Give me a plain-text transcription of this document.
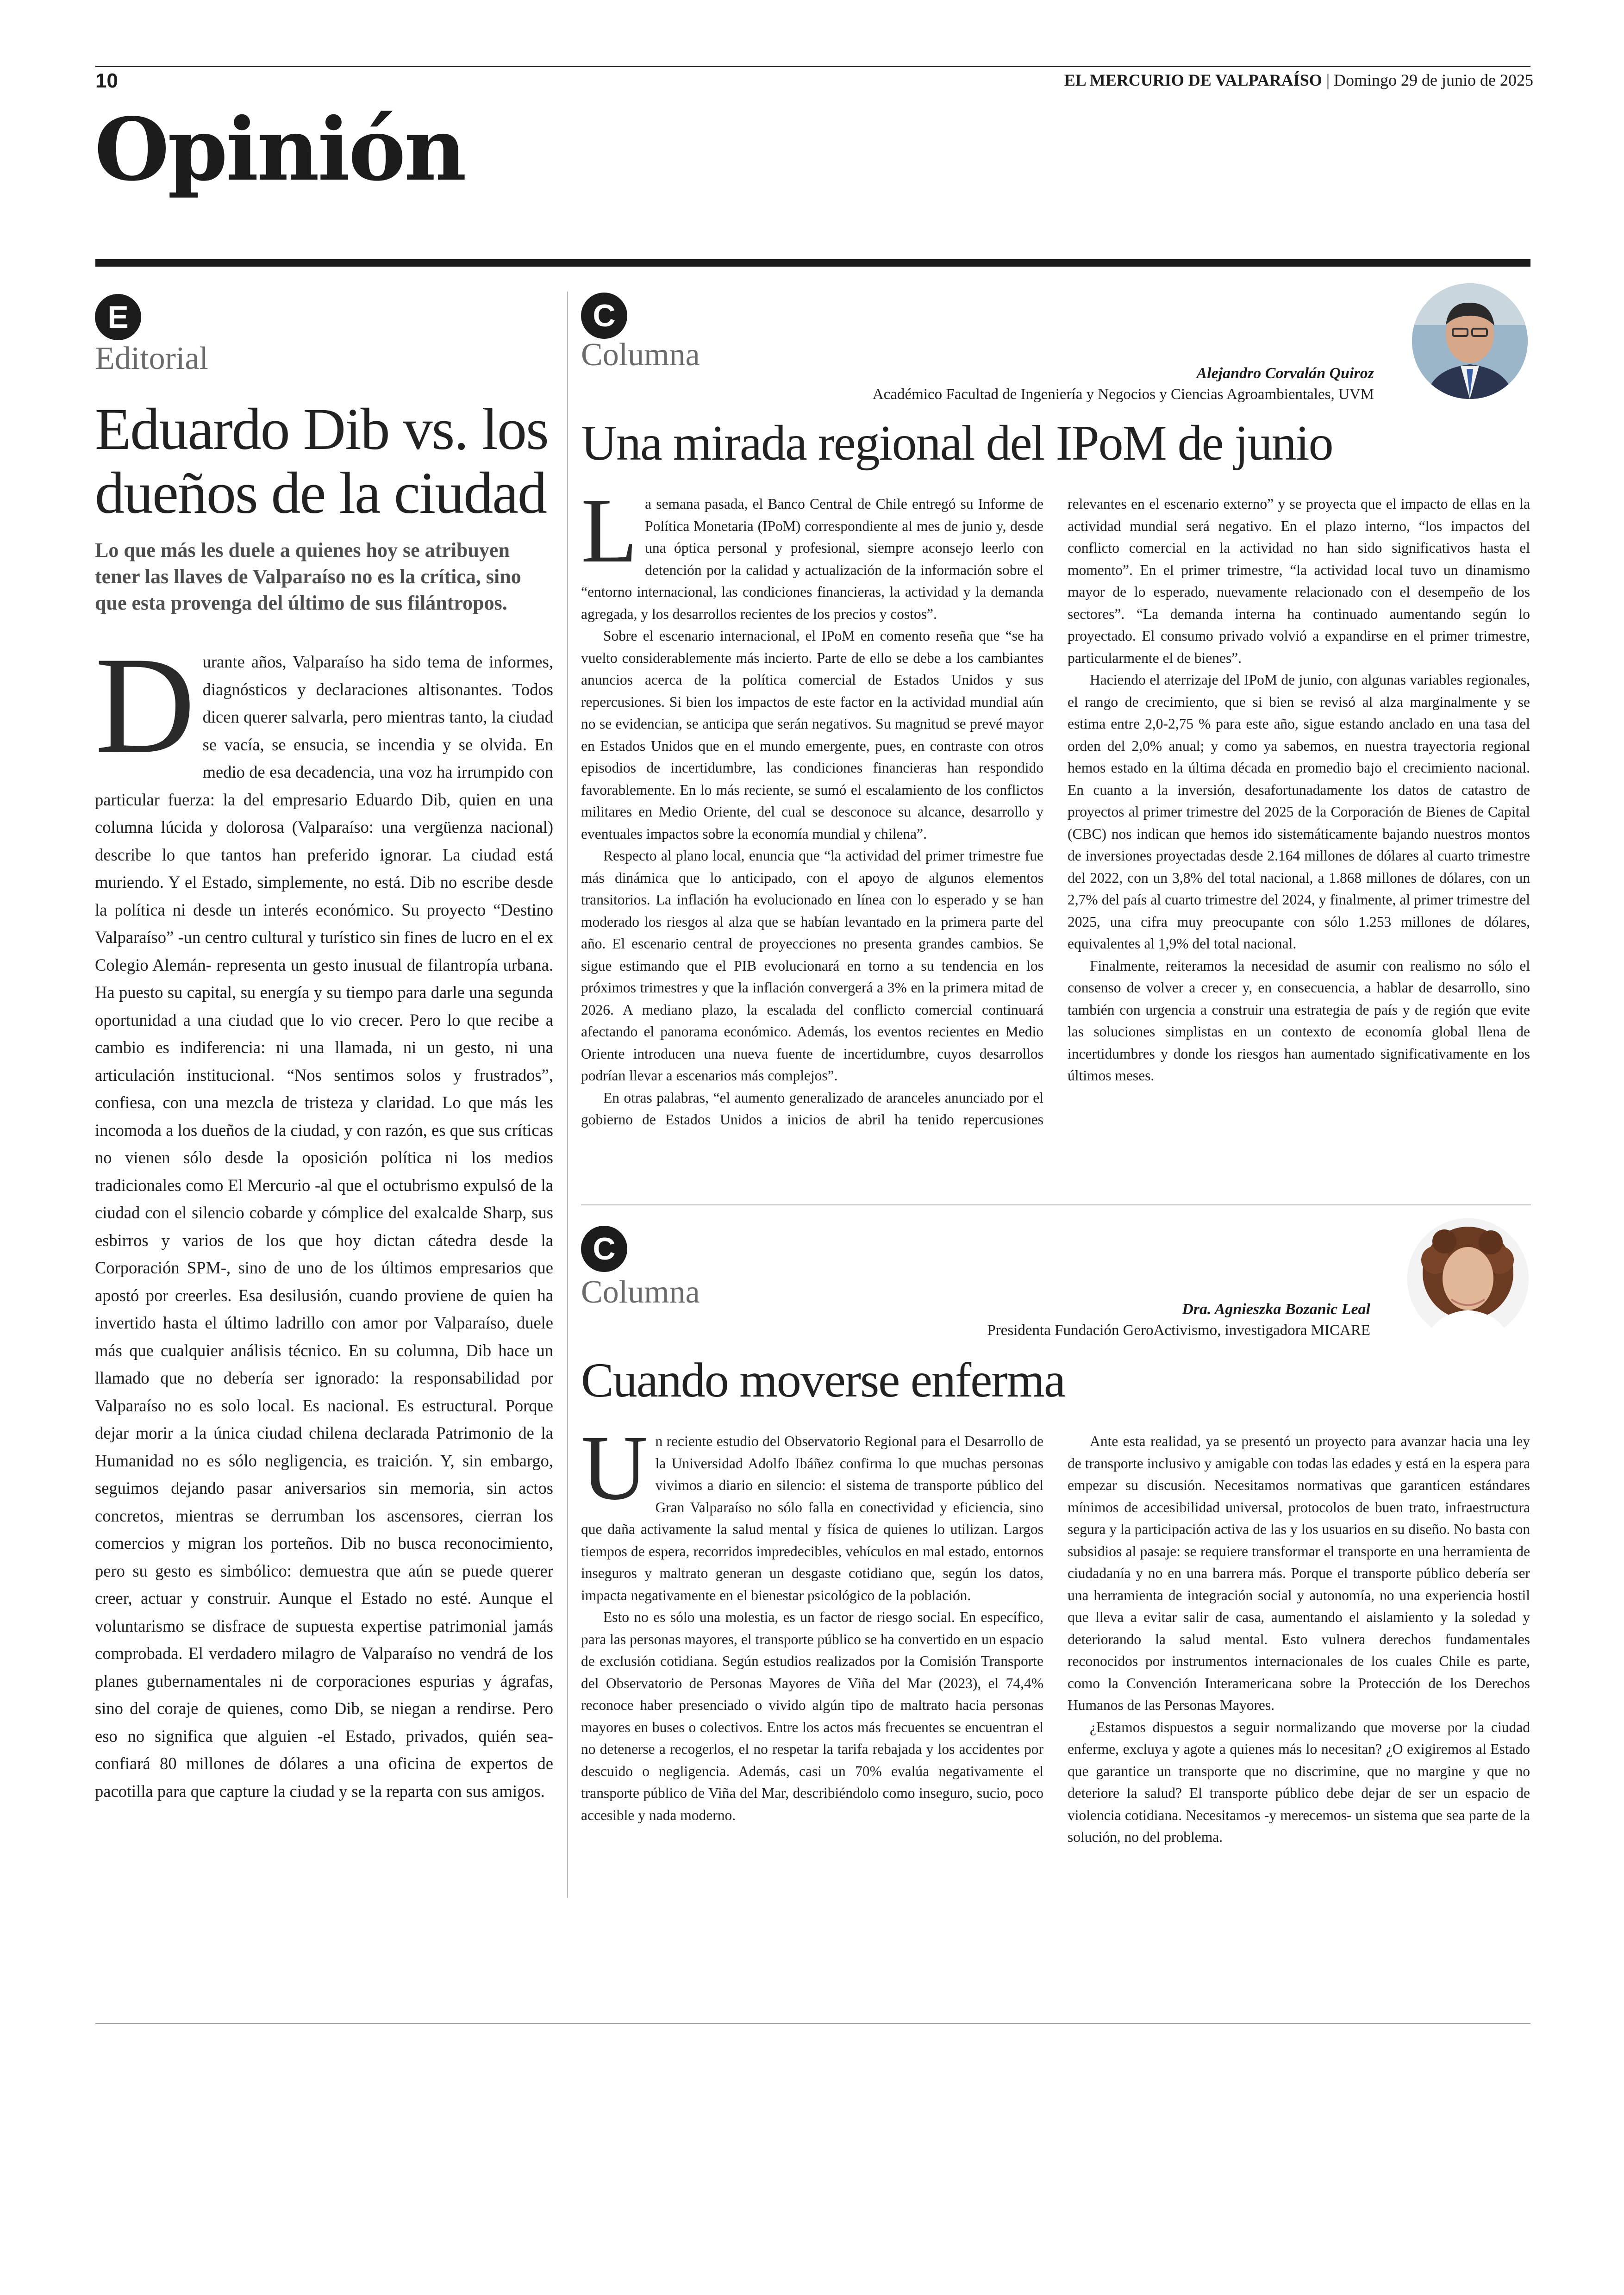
10	EL MERCURIO DE VALPARAÍSO | Domingo 29 de junio de 2025
Opinión
E
Editorial
Eduardo Dib vs. los dueños de la ciudad
Lo que más les duele a quienes hoy se atribuyen tener las llaves de Valparaíso no es la crítica, sino que esta provenga del último de sus filántropos.

Durante años, Valparaíso ha sido tema de informes, diagnósticos y declaraciones altisonantes. Todos dicen querer salvarla, pero mientras tanto, la ciudad se vacía, se ensucia, se incendia y se olvida. En medio de esa decadencia, una voz ha irrumpido con particular fuerza: la del empresario Eduardo Dib, quien en una columna lúcida y dolorosa (Valparaíso: una vergüenza nacional) describe lo que tantos han preferido ignorar. La ciudad está muriendo. Y el Estado, simplemente, no está. Dib no escribe desde la política ni desde un interés económico. Su proyecto “Destino Valparaíso” -un centro cultural y turístico sin fines de lucro en el ex Colegio Alemán- representa un gesto inusual de filantropía urbana. Ha puesto su capital, su energía y su tiempo para darle una segunda oportunidad a una ciudad que lo vio crecer. Pero lo que recibe a cambio es indiferencia: ni una llamada, ni un gesto, ni una articulación institucional. “Nos sentimos solos y frustrados”, confiesa, con una mezcla de tristeza y claridad. Lo que más les incomoda a los dueños de la ciudad, y con razón, es que sus críticas no vienen sólo desde la oposición política ni los medios tradicionales como El Mercurio -al que el octubrismo expulsó de la ciudad con el silencio cobarde y cómplice del exalcalde Sharp, sus esbirros y varios de los que hoy dictan cátedra desde la Corporación SPM-, sino de uno de los últimos empresarios que apostó por creerles. Esa desilusión, cuando proviene de quien ha invertido hasta el último ladrillo con amor por Valparaíso, duele más que cualquier análisis técnico. En su columna, Dib hace un llamado que no debería ser ignorado: la responsabilidad por Valparaíso no es solo local. Es nacional. Es estructural. Porque dejar morir a la única ciudad chilena declarada Patrimonio de la Humanidad no es sólo negligencia, es traición. Y, sin embargo, seguimos dejando pasar aniversarios sin memoria, sin actos concretos, mientras se derrumban los ascensores, cierran los comercios y migran los porteños. Dib no busca reconocimiento, pero su gesto es simbólico: demuestra que aún se puede querer creer, actuar y construir. Aunque el Estado no esté. Aunque el voluntarismo se disfrace de supuesta expertise patrimonial jamás comprobada. El verdadero milagro de Valparaíso no vendrá de los planes gubernamentales ni de corporaciones espurias y ágrafas, sino del coraje de quienes, como Dib, se niegan a rendirse. Pero eso no significa que alguien -el Estado, privados, quién sea- confiará 80 millones de dólares a una oficina de expertos de pacotilla para que capture la ciudad y se la reparta con sus amigos.

C
Columna
Alejandro Corvalán Quiroz
Académico Facultad de Ingeniería y Negocios y Ciencias Agroambientales, UVM
Una mirada regional del IPoM de junio

La semana pasada, el Banco Central de Chile entregó su Informe de Política Monetaria (IPoM) correspondiente al mes de junio y, desde una óptica personal y profesional, siempre aconsejo leerlo con detención por la calidad y actualización de la información sobre el “entorno internacional, las condiciones financieras, la actividad y la demanda agregada, y los desarrollos recientes de los precios y costos”.

Sobre el escenario internacional, el IPoM en comento reseña que “se ha vuelto considerablemente más incierto. Parte de ello se debe a los cambiantes anuncios acerca de la política comercial de Estados Unidos y sus repercusiones. Si bien los impactos de este factor en la actividad mundial aún no se evidencian, se anticipa que serán negativos. Su magnitud se prevé mayor en Estados Unidos que en el mundo emergente, pues, en contraste con otros episodios de incertidumbre, las condiciones financieras han respondido favorablemente. En lo más reciente, se sumó el escalamiento de los conflictos militares en Medio Oriente, del cual se desconoce su alcance, desarrollo y eventuales impactos sobre la economía mundial y chilena”.

Respecto al plano local, enuncia que “la actividad del primer trimestre fue más dinámica que lo anticipado, con el apoyo de algunos elementos transitorios. La inflación ha evolucionado en línea con lo esperado y se han moderado los riesgos al alza que se habían levantado en la primera parte del año. El escenario central de proyecciones no presenta grandes cambios. Se sigue estimando que el PIB evolucionará en torno a su tendencia en los próximos trimestres y que la inflación convergerá a 3% en la primera mitad de 2026. A mediano plazo, la escalada del conflicto comercial continuará afectando el panorama económico. Además, los eventos recientes en Medio Oriente introducen una nueva fuente de incertidumbre, cuyos desarrollos podrían llevar a escenarios más complejos”.

En otras palabras, “el aumento generalizado de aranceles anunciado por el gobierno de Estados Unidos a inicios de abril ha tenido repercusiones relevantes en el escenario externo” y se proyecta que el impacto de ellas en la actividad mundial será negativo. En el plazo interno, “los impactos del conflicto comercial en la actividad no han sido significativos hasta el momento”. En el primer trimestre, “la actividad local tuvo un dinamismo mayor de lo esperado, nuevamente relacionado con el desempeño de los sectores”. “La demanda interna ha continuado aumentando según lo proyectado. El consumo privado volvió a expandirse en el primer trimestre, particularmente el de bienes”.

Haciendo el aterrizaje del IPoM de junio, con algunas variables regionales, el rango de crecimiento, que si bien se revisó al alza marginalmente y se estima entre 2,0-2,75 % para este año, sigue estando anclado en una tasa del orden del 2,0% anual; y como ya sabemos, en nuestra trayectoria regional hemos estado en la última década en promedio bajo el crecimiento nacional. En cuanto a la inversión, desafortunadamente los datos de catastro de proyectos al primer trimestre del 2025 de la Corporación de Bienes de Capital (CBC) nos indican que hemos ido sistemáticamente bajando nuestros montos de inversiones proyectadas desde 2.164 millones de dólares al cuarto trimestre del 2022, con un 3,8% del total nacional, a 1.868 millones de dólares, con un 2,7% del país al cuarto trimestre del 2024, y finalmente, al primer trimestre del 2025, una cifra muy preocupante con sólo 1.253 millones de dólares, equivalentes al 1,9% del total nacional.

Finalmente, reiteramos la necesidad de asumir con realismo no sólo el consenso de volver a crecer y, en consecuencia, a hablar de desarrollo, sino también con urgencia a construir una estrategia de país y de región que evite las soluciones simplistas en un contexto de economía global llena de incertidumbres y donde los riesgos han aumentado significativamente en los últimos meses.

C
Columna	Dra. Agnieszka Bozanic Leal
Presidenta Fundación GeroActivismo, investigadora MICARE
Cuando moverse enferma

Un reciente estudio del Observatorio Regional para el Desarrollo de la Universidad Adolfo Ibáñez confirma lo que muchas personas vivimos a diario en silencio: el sistema de transporte público del Gran Valparaíso no sólo falla en conectividad y eficiencia, sino que daña activamente la salud mental y física de quienes lo utilizan. Largos tiempos de espera, recorridos impredecibles, vehículos en mal estado, entornos inseguros y maltrato generan un desgaste cotidiano que, según los datos, impacta negativamente en el bienestar psicológico de la población.

Esto no es sólo una molestia, es un factor de riesgo social. En específico, para las personas mayores, el transporte público se ha convertido en un espacio de exclusión cotidiana. Según estudios realizados por la Comisión Transporte del Observatorio de Personas Mayores de Viña del Mar (2023), el 74,4% reconoce haber presenciado o vivido algún tipo de maltrato hacia personas mayores en buses o colectivos. Entre los actos más frecuentes se encuentran el no detenerse a recogerlos, el no respetar la tarifa rebajada y los accidentes por descuido o negligencia. Además, casi un 70% evalúa negativamente el transporte público de Viña del Mar, describiéndolo como inseguro, sucio, poco accesible y nada moderno.

Ante esta realidad, ya se presentó un proyecto para avanzar hacia una ley de transporte inclusivo y amigable con todas las edades y está en la espera para empezar su discusión. Necesitamos normativas que garanticen estándares mínimos de accesibilidad universal, protocolos de buen trato, infraestructura segura y la participación activa de las y los usuarios en su diseño. No basta con subsidios al pasaje: se requiere transformar el transporte en una herramienta de ciudadanía y no en una barrera más. Porque el transporte público debería ser una herramienta de integración social y autonomía, no una experiencia hostil que lleva a evitar salir de casa, aumentando el aislamiento y la soledad y deteriorando la salud mental. Esto vulnera derechos fundamentales reconocidos por instrumentos internacionales de los cuales Chile es parte, como la Convención Interamericana sobre la Protección de los Derechos Humanos de las Personas Mayores.

¿Estamos dispuestos a seguir normalizando que moverse por la ciudad enferme, excluya y agote a quienes más lo necesitan? ¿O exigiremos al Estado que garantice un transporte que no discrimine, que no margine y que no deteriore la salud? El transporte público debe dejar de ser un espacio de violencia cotidiana. Necesitamos -y merecemos- un sistema que sea parte de la solución, no del problema.
